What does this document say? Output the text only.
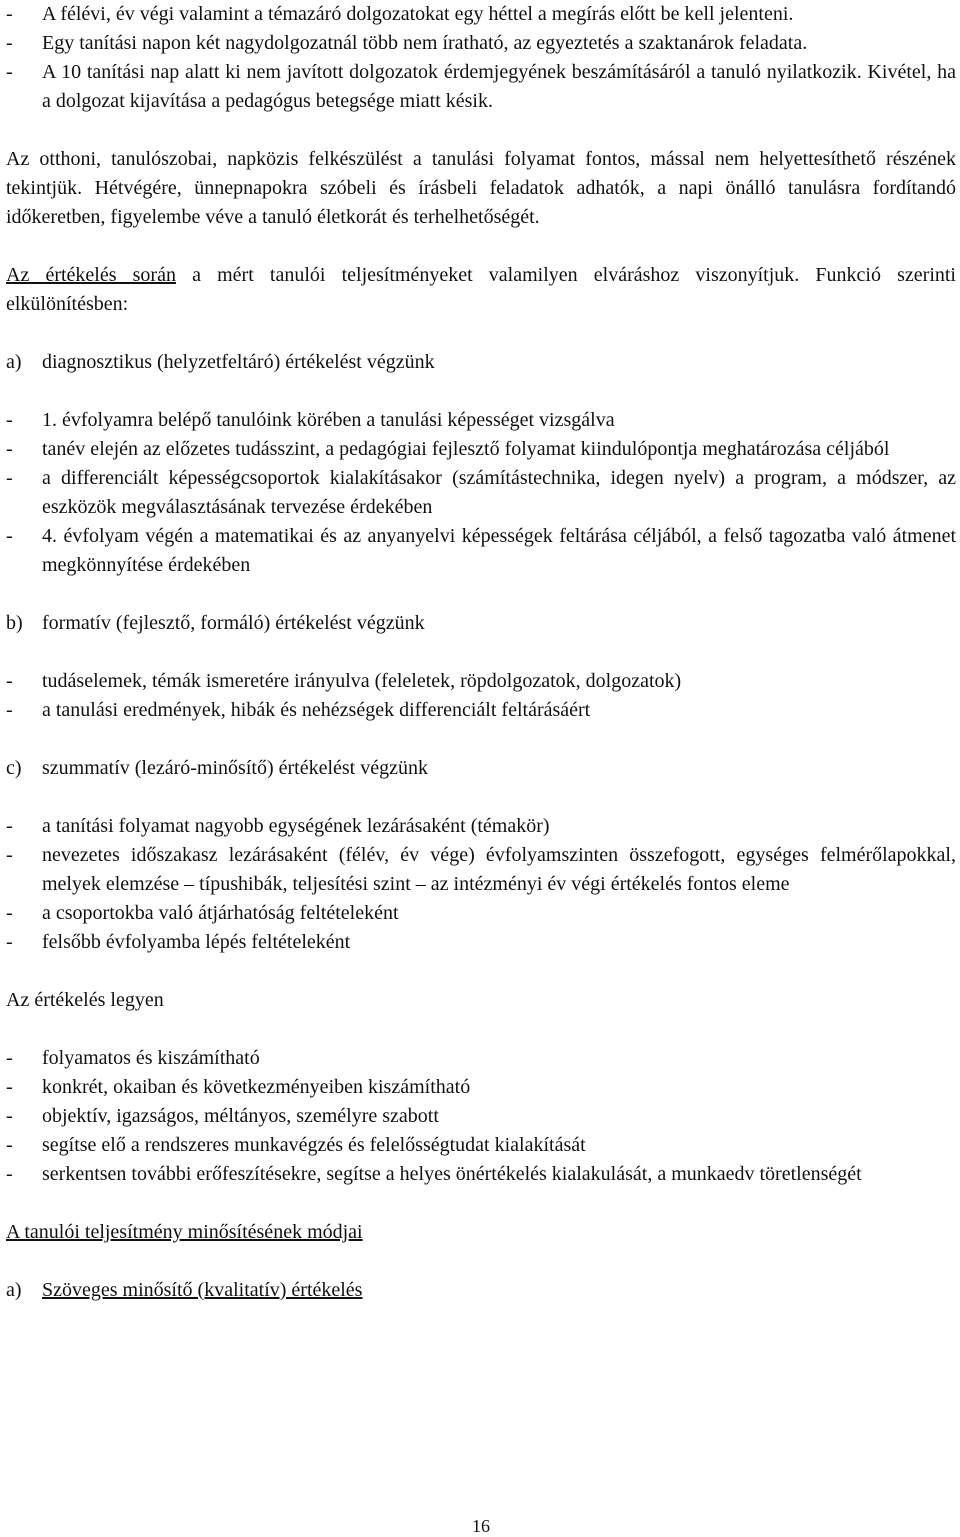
- A félévi, év végi valamint a témazáró dolgozatokat egy héttel a megírás előtt be kell jelenteni.
- Egy tanítási napon két nagydolgozatnál több nem íratható, az egyeztetés a szaktanárok feladata.
- A 10 tanítási nap alatt ki nem javított dolgozatok érdemjegyének beszámításáról a tanuló nyilatkozik. Kivétel, ha a dolgozat kijavítása a pedagógus betegsége miatt késik.
Az otthoni, tanulószobai, napközis felkészülést a tanulási folyamat fontos, mással nem helyettesíthető részének tekintjük. Hétvégére, ünnepnapokra szóbeli és írásbeli feladatok adhatók, a napi önálló tanulásra fordítandó időkeretben, figyelembe véve a tanuló életkorát és terhelhetőségét.
Az értékelés során a mért tanulói teljesítményeket valamilyen elváráshoz viszonyítjuk. Funkció szerinti elkülönítésben:
a) diagnosztikus (helyzetfeltáró) értékelést végzünk
- 1. évfolyamra belépő tanulóink körében a tanulási képességet vizsgálva
- tanév elején az előzetes tudásszint, a pedagógiai fejlesztő folyamat kiindulópontja meghatározása céljából
- a differenciált képességcsoportok kialakításakor (számítástechnika, idegen nyelv) a program, a módszer, az eszközök megválasztásának tervezése érdekében
- 4. évfolyam végén a matematikai és az anyanyelvi képességek feltárása céljából, a felső tagozatba való átmenet megkönnyítése érdekében
b) formatív (fejlesztő, formáló) értékelést végzünk
- tudáselemek, témák ismeretére irányulva (feleletek, röpdolgozatok, dolgozatok)
- a tanulási eredmények, hibák és nehézségek differenciált feltárásáért
c) szummatív (lezáró-minősítő) értékelést végzünk
- a tanítási folyamat nagyobb egységének lezárásaként (témakör)
- nevezetes időszakasz lezárásaként (félév, év vége) évfolyamszinten összefogott, egységes felmérőlapokkal, melyek elemzése – típushibák, teljesítési szint – az intézményi év végi értékelés fontos eleme
- a csoportokba való átjárhatóság feltételeként
- felsőbb évfolyamba lépés feltételeként
Az értékelés legyen
- folyamatos és kiszámítható
- konkrét, okaiban és következményeiben kiszámítható
- objektív, igazságos, méltányos, személyre szabott
- segítse elő a rendszeres munkavégzés és felelősségtudat kialakítását
- serkentsen további erőfeszítésekre, segítse a helyes önértékelés kialakulását, a munkaedv töretlenségét
A tanulói teljesítmény minősítésének módjai
a) Szöveges minősítő (kvalitatív) értékelés
16
